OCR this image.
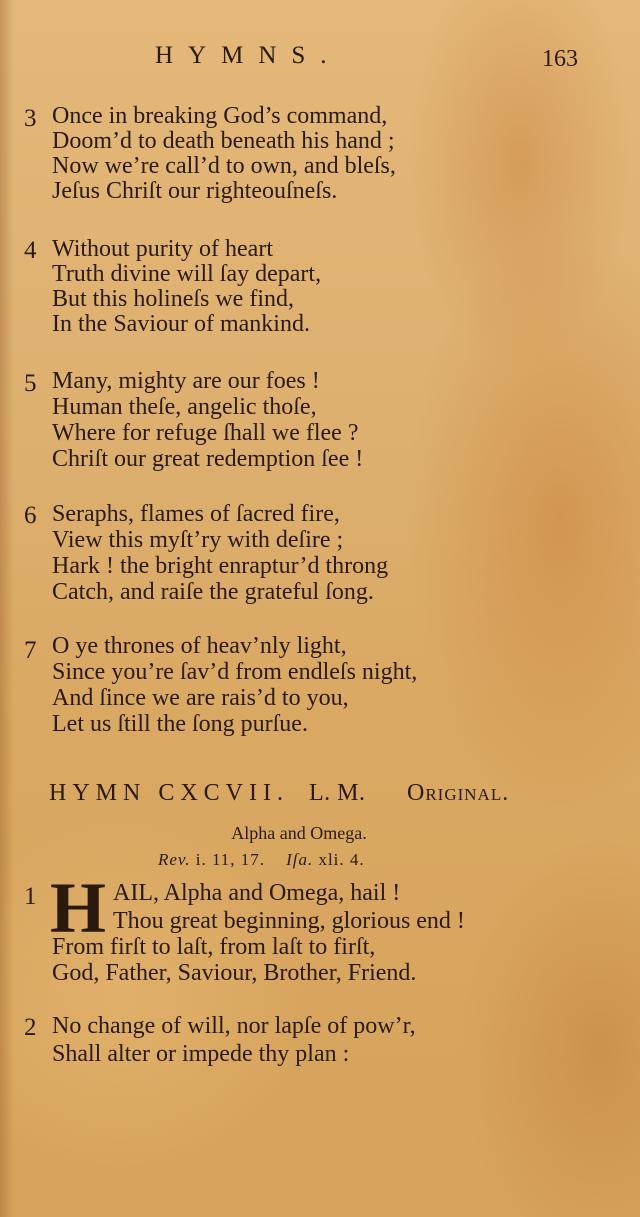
HYMNS.	163
3 Once in breaking God’s command,
Doom’d to death beneath his hand ;
Now we’re call’d to own, and bleſs,
Jeſus Chriſt our righteouſneſs.
4 Without purity of heart
Truth divine will ſay depart,
But this holineſs we find,
In the Saviour of mankind.
5 Many, mighty are our foes !
Human theſe, angelic thoſe,
Where for refuge ſhall we flee ?
Chriſt our great redemption ſee !
6 Seraphs, flames of ſacred fire,
View this myſt’ry with deſire ;
Hark ! the bright enraptur’d throng
Catch, and raiſe the grateful ſong.
7 O ye thrones of heav’nly light,
Since you’re ſav’d from endleſs night,
And ſince we are rais’d to you,
Let us ſtill the ſong purſue.
HYMN CXCVII. L. M. Original.
Alpha and Omega.
Rev. i. 11, 17. Iſa. xli. 4.
1 H AIL, Alpha and Omega, hail !
Thou great beginning, glorious end !
From firſt to laſt, from laſt to firſt,
God, Father, Saviour, Brother, Friend.
2 No change of will, nor lapſe of pow’r,
Shall alter or impede thy plan :
